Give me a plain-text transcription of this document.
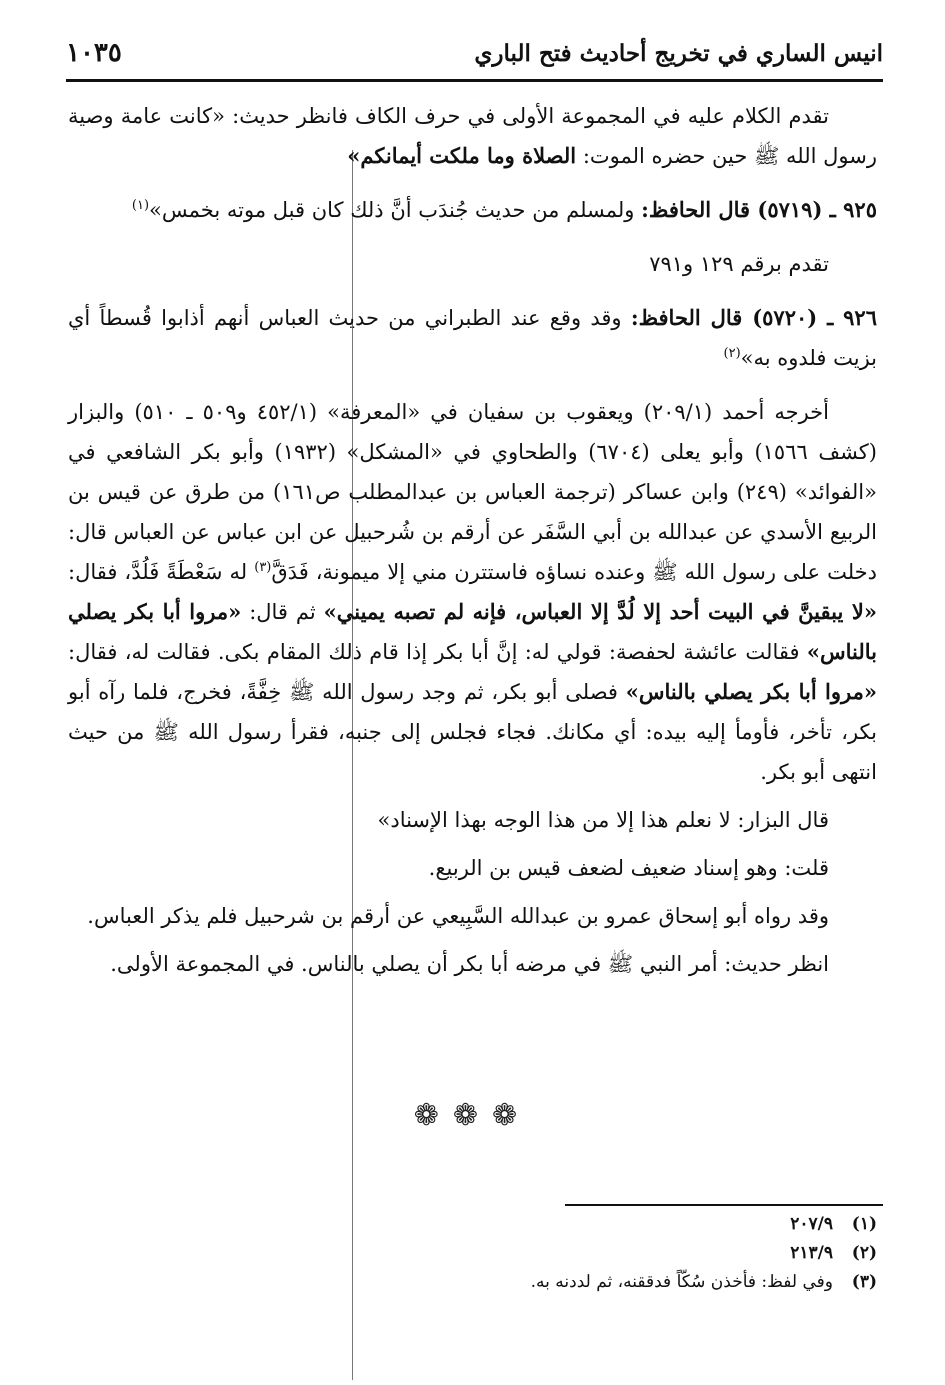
انيس الساري في تخريج أحاديث فتح الباري
١٠٣٥

تقدم الكلام عليه في المجموعة الأولى في حرف الكاف فانظر حديث: «كانت عامة وصية رسول الله ﷺ حين حضره الموت: الصلاة وما ملكت أيمانكم»

٩٢٥ ـ (٥٧١٩) قال الحافظ: ولمسلم من حديث جُندَب أنَّ ذلك كان قبل موته بخمس»$^{(١)}$

تقدم برقم ١٢٩ و٧٩١

٩٢٦ ـ (٥٧٢٠) قال الحافظ: وقد وقع عند الطبراني من حديث العباس أنهم أذابوا قُسطاً أي بزيت فلدوه به»$^{(٢)}$

أخرجه أحمد (٢٠٩/١) ويعقوب بن سفيان في «المعرفة» (٤٥٢/١ و٥٠٩ ـ ٥١٠) والبزار (كشف ١٥٦٦) وأبو يعلى (٦٧٠٤) والطحاوي في «المشكل» (١٩٣٢) وأبو بكر الشافعي في «الفوائد» (٢٤٩) وابن عساكر (ترجمة العباس بن عبدالمطلب ص١٦١) من طرق عن قيس بن الربيع الأسدي عن عبدالله بن أبي السَّفَر عن أرقم بن شُرحبيل عن ابن عباس عن العباس قال: دخلت على رسول الله ﷺ وعنده نساؤه فاستترن مني إلا ميمونة، فَدَقَّ$^{(٣)}$ له سَعْطَةً فَلُدَّ، فقال: «لا يبقينَّ في البيت أحد إلا لُدَّ إلا العباس، فإنه لم تصبه يميني» ثم قال: «مروا أبا بكر يصلي بالناس» فقالت عائشة لحفصة: قولي له: إنَّ أبا بكر إذا قام ذلك المقام بكى. فقالت له، فقال: «مروا أبا بكر يصلي بالناس» فصلى أبو بكر، ثم وجد رسول الله ﷺ خِفَّةً، فخرج، فلما رآه أبو بكر، تأخر، فأومأ إليه بيده: أي مكانك. فجاء فجلس إلى جنبه، فقرأ رسول الله ﷺ من حيث انتهى أبو بكر.

قال البزار: لا نعلم هذا إلا من هذا الوجه بهذا الإسناد»

قلت: وهو إسناد ضعيف لضعف قيس بن الربيع.

وقد رواه أبو إسحاق عمرو بن عبدالله السَّبِيعي عن أرقم بن شرحبيل فلم يذكر العباس.

انظر حديث: أمر النبي ﷺ في مرضه أبا بكر أن يصلي بالناس. في المجموعة الأولى.

❁❁❁
(١)٢٠٧/٩
(٢)٢١٣/٩
(٣)وفي لفظ: فأخذن سُكّاً فدققنه، ثم لددنه به.
